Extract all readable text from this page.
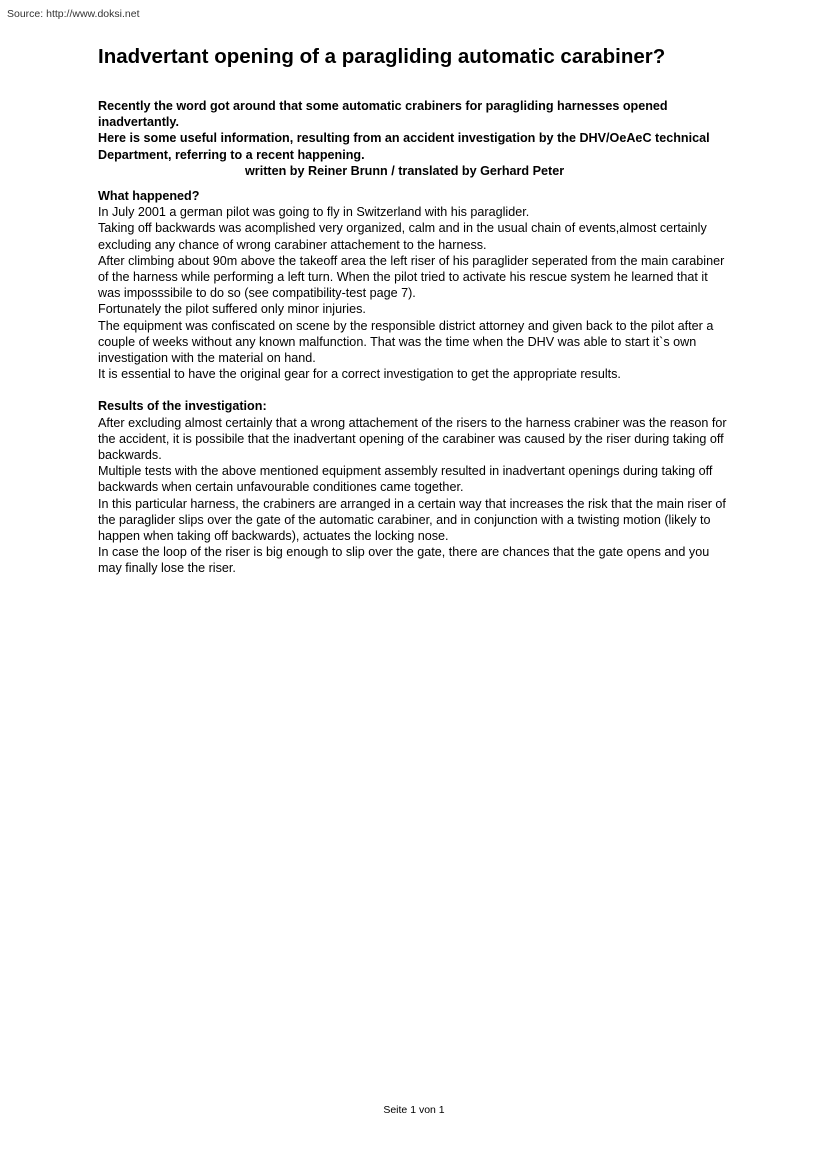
Source: http://www.doksi.net
Inadvertant opening of a paragliding automatic carabiner?

Recently the word got around that some automatic crabiners for paragliding harnesses opened inadvertantly.

Here is some useful information, resulting from an accident investigation by the DHV/OeAeC technical Department, referring to a recent happening.

written by Reiner Brunn / translated by Gerhard Peter

What happened?

In July 2001 a german pilot was going to fly in Switzerland with his paraglider.

Taking off backwards was acomplished very organized, calm and in the usual chain of events,almost certainly excluding any chance of wrong carabiner attachement to the harness.

After climbing about 90m above the takeoff area the left riser of his paraglider seperated from the main carabiner of the harness while performing a left turn. When the pilot tried to activate his rescue system he learned that it was imposssibile to do so (see compatibility-test page 7).

Fortunately the pilot suffered only minor injuries.

The equipment was confiscated on scene by the responsible district attorney and given back to the pilot after a couple of weeks without any known malfunction. That was the time when the DHV was able to start it`s own investigation with the material on hand.

It is essential to have the original gear for a correct investigation to get the appropriate results.

Results of the investigation:

After excluding almost certainly that a wrong attachement of the risers to the harness crabiner was the reason for the accident, it is possibile that the inadvertant opening of the carabiner was caused by the riser during taking off backwards.

Multiple tests with the above mentioned equipment assembly resulted in inadvertant openings during taking off backwards when certain unfavourable conditiones came together.

In this particular harness, the crabiners are arranged in a certain way that increases the risk that the main riser of the paraglider slips over the gate of the automatic carabiner, and in conjunction with a twisting motion (likely to happen when taking off backwards), actuates the locking nose.

In case the loop of the riser is big enough to slip over the gate, there are chances that the gate opens and you may finally lose the riser.

Seite 1 von 1
